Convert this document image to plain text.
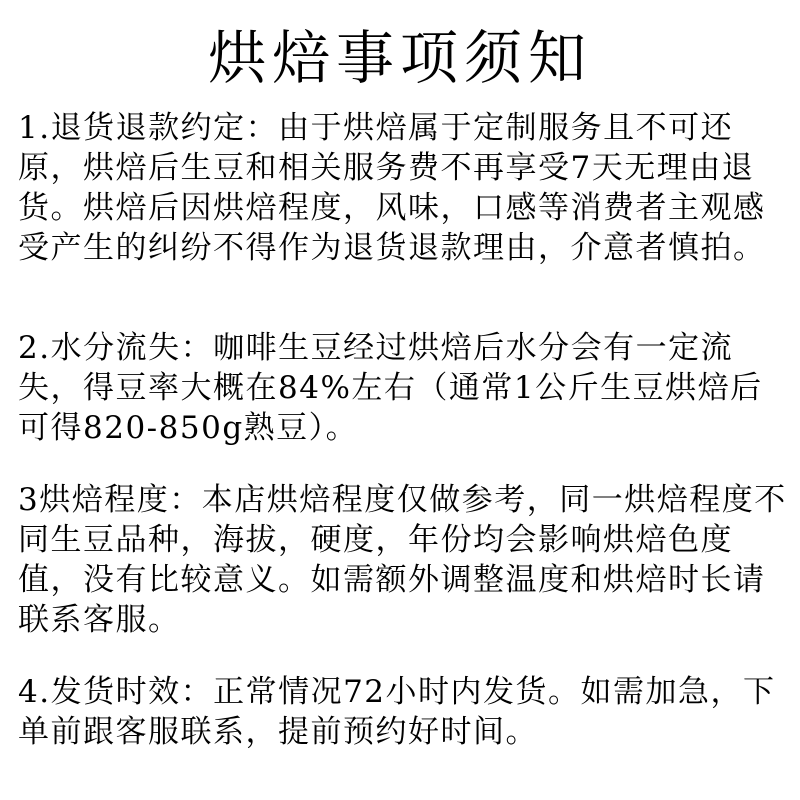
烘焙事项须知

1.退货退款约定：由于烘焙属于定制服务且不可还原，烘焙后生豆和相关服务费不再享受7天无理由退货。烘焙后因烘焙程度，风味，口感等消费者主观感受产生的纠纷不得作为退货退款理由，介意者慎拍。

2.水分流失：咖啡生豆经过烘焙后水分会有一定流失，得豆率大概在84%左右（通常1公斤生豆烘焙后可得820-850g熟豆）。

3烘焙程度：本店烘焙程度仅做参考，同一烘焙程度不同生豆品种，海拔，硬度，年份均会影响烘焙色度值，没有比较意义。如需额外调整温度和烘焙时长请联系客服。

4.发货时效：正常情况72小时内发货。如需加急，下单前跟客服联系，提前预约好时间。
